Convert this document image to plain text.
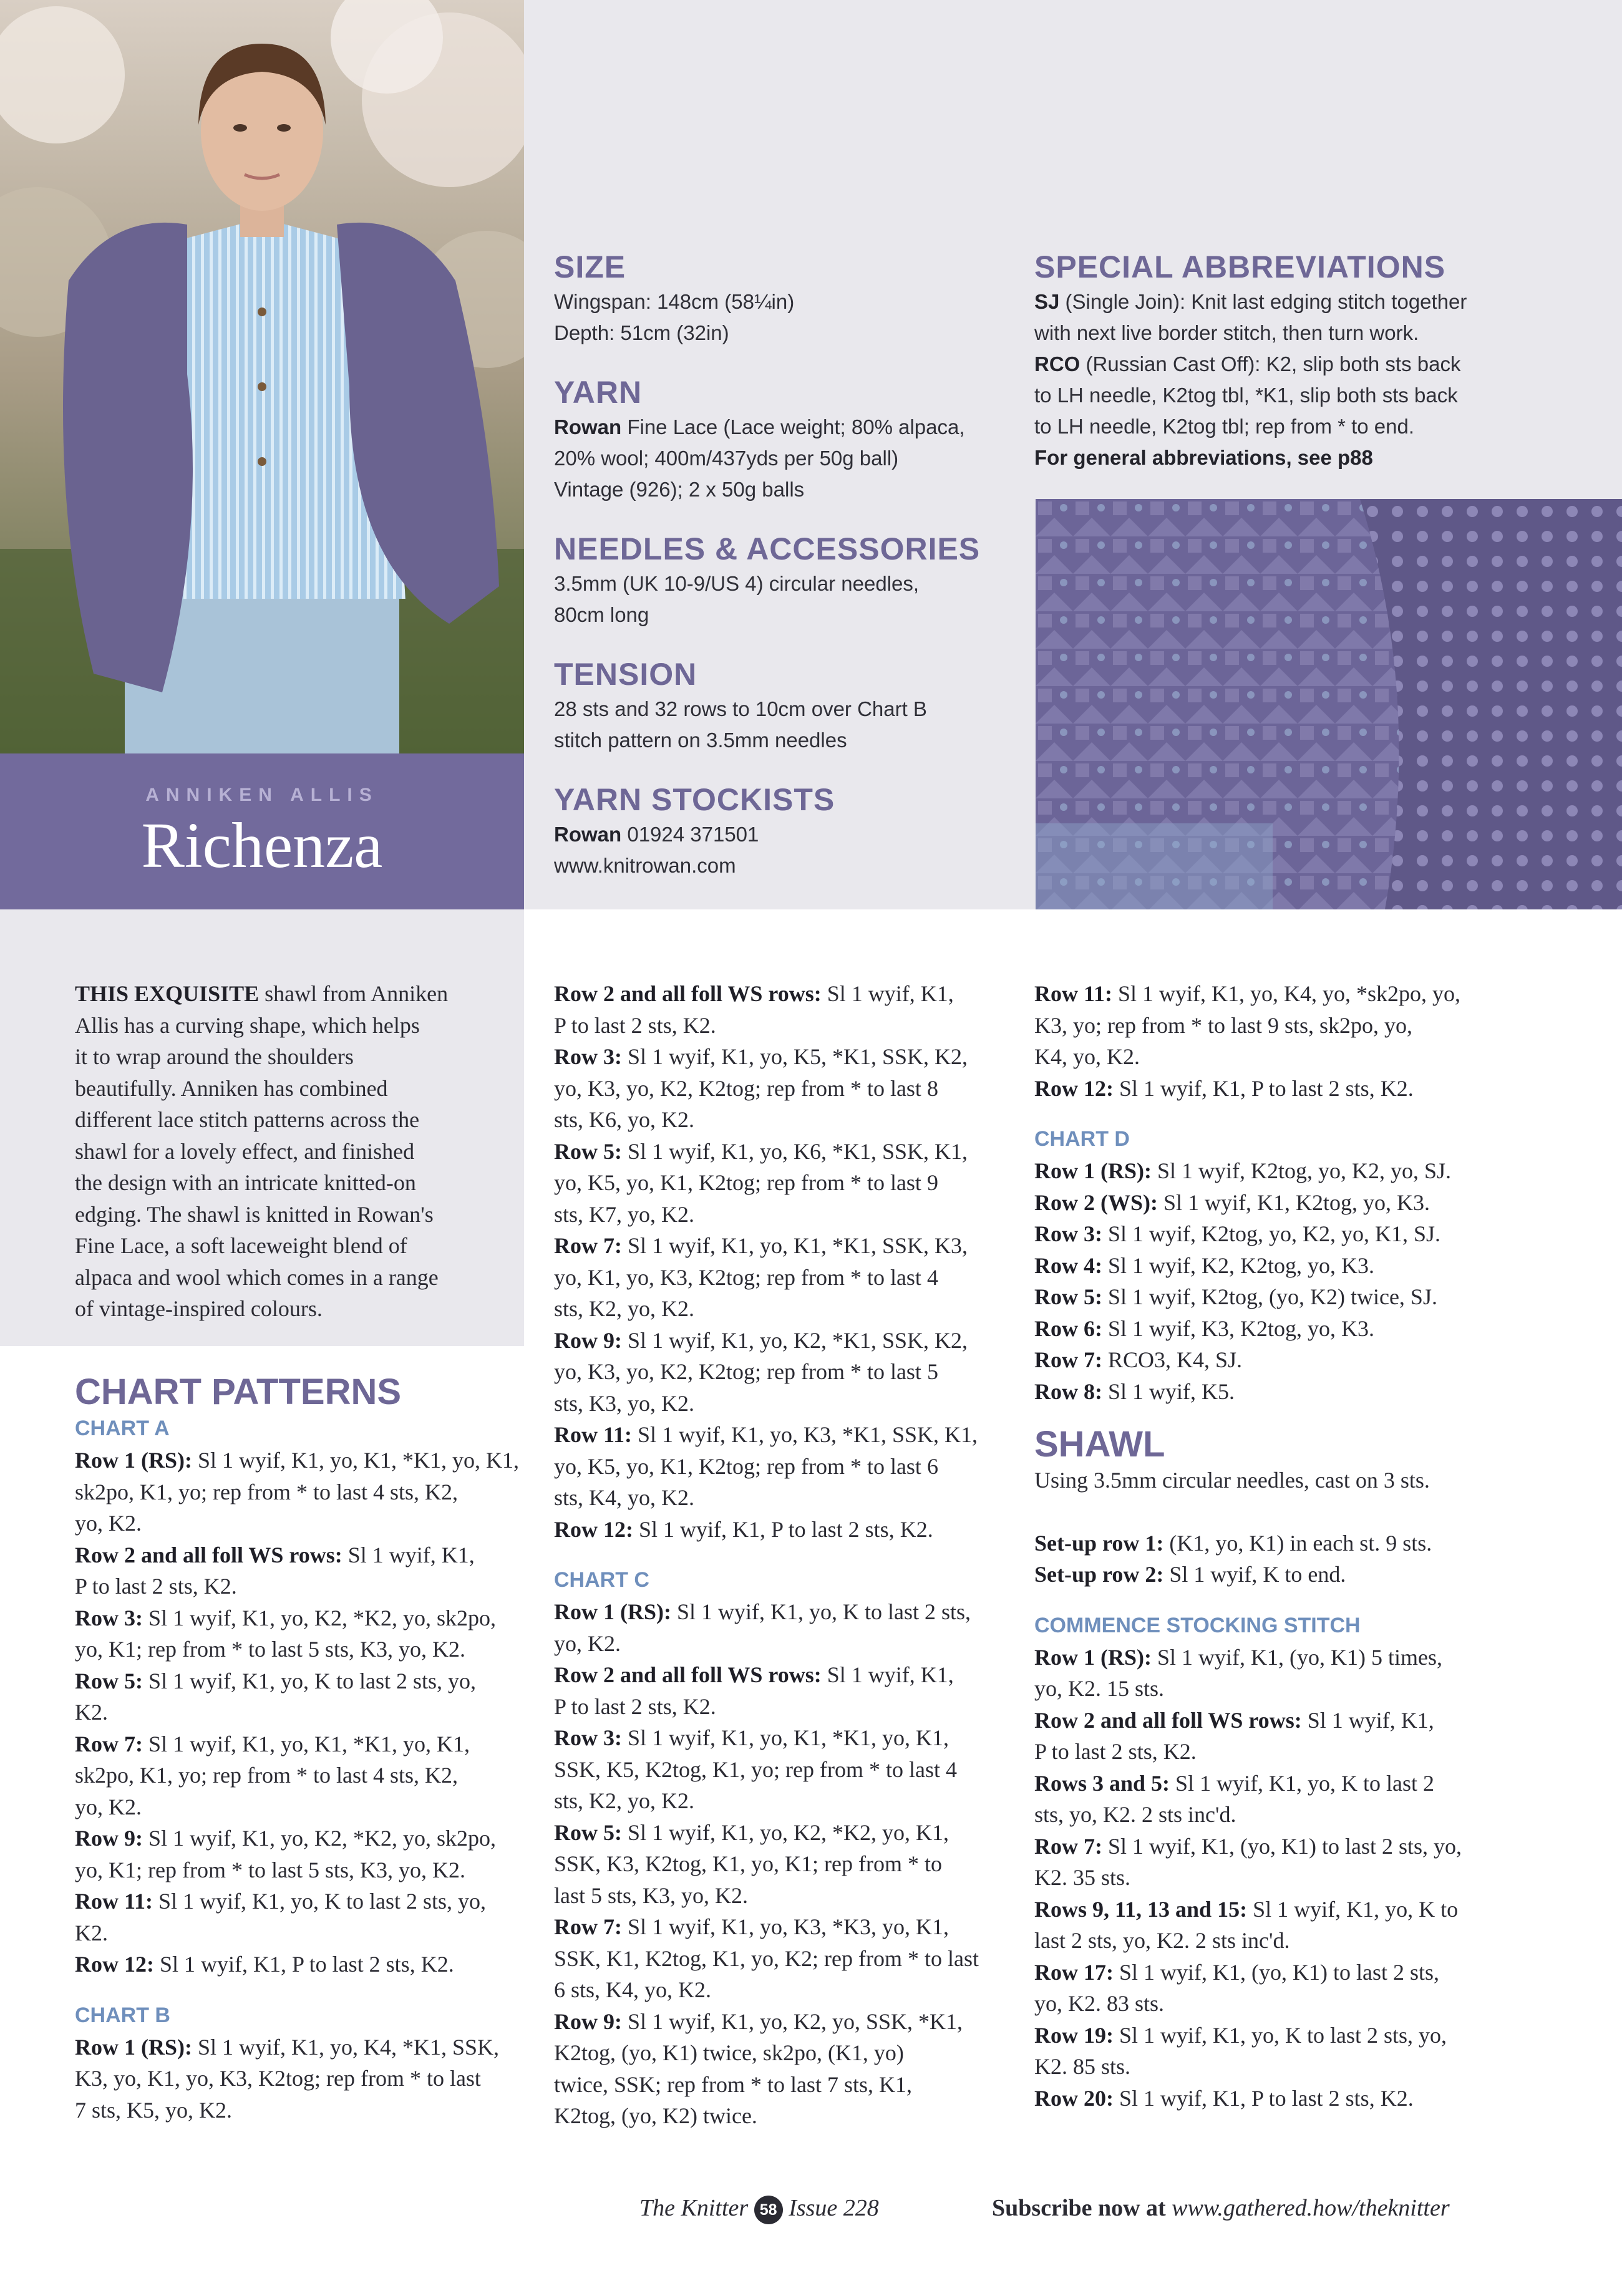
ANNIKEN ALLIS
Richenza
SIZE

Wingspan: 148cm (58¼in)

Depth: 51cm (32in)

YARN

Rowan Fine Lace (Lace weight; 80% alpaca,

20% wool; 400m/437yds per 50g ball)

Vintage (926); 2 x 50g balls

NEEDLES & ACCESSORIES

3.5mm (UK 10-9/US 4) circular needles,

80cm long

TENSION

28 sts and 32 rows to 10cm over Chart B

stitch pattern on 3.5mm needles

YARN STOCKISTS

Rowan 01924 371501

www.knitrowan.com

SPECIAL ABBREVIATIONS

SJ (Single Join): Knit last edging stitch together

with next live border stitch, then turn work.

RCO (Russian Cast Off): K2, slip both sts back

to LH needle, K2tog tbl, *K1, slip both sts back

to LH needle, K2tog tbl; rep from * to end.

For general abbreviations, see p88

THIS EXQUISITE shawl from Anniken

Allis has a curving shape, which helps

it to wrap around the shoulders

beautifully. Anniken has combined

different lace stitch patterns across the

shawl for a lovely effect, and finished

the design with an intricate knitted-on

edging. The shawl is knitted in Rowan's

Fine Lace, a soft laceweight blend of

alpaca and wool which comes in a range

of vintage-inspired colours.

CHART PATTERNS
CHART A

Row 1 (RS): Sl 1 wyif, K1, yo, K1, *K1, yo, K1,

sk2po, K1, yo; rep from * to last 4 sts, K2,

yo, K2.

Row 2 and all foll WS rows: Sl 1 wyif, K1,

P to last 2 sts, K2.

Row 3: Sl 1 wyif, K1, yo, K2, *K2, yo, sk2po,

yo, K1; rep from * to last 5 sts, K3, yo, K2.

Row 5: Sl 1 wyif, K1, yo, K to last 2 sts, yo,

K2.

Row 7: Sl 1 wyif, K1, yo, K1, *K1, yo, K1,

sk2po, K1, yo; rep from * to last 4 sts, K2,

yo, K2.

Row 9: Sl 1 wyif, K1, yo, K2, *K2, yo, sk2po,

yo, K1; rep from * to last 5 sts, K3, yo, K2.

Row 11: Sl 1 wyif, K1, yo, K to last 2 sts, yo,

K2.

Row 12: Sl 1 wyif, K1, P to last 2 sts, K2.

CHART B

Row 1 (RS): Sl 1 wyif, K1, yo, K4, *K1, SSK,

K3, yo, K1, yo, K3, K2tog; rep from * to last

7 sts, K5, yo, K2.

Row 2 and all foll WS rows: Sl 1 wyif, K1,

P to last 2 sts, K2.

Row 3: Sl 1 wyif, K1, yo, K5, *K1, SSK, K2,

yo, K3, yo, K2, K2tog; rep from * to last 8

sts, K6, yo, K2.

Row 5: Sl 1 wyif, K1, yo, K6, *K1, SSK, K1,

yo, K5, yo, K1, K2tog; rep from * to last 9

sts, K7, yo, K2.

Row 7: Sl 1 wyif, K1, yo, K1, *K1, SSK, K3,

yo, K1, yo, K3, K2tog; rep from * to last 4

sts, K2, yo, K2.

Row 9: Sl 1 wyif, K1, yo, K2, *K1, SSK, K2,

yo, K3, yo, K2, K2tog; rep from * to last 5

sts, K3, yo, K2.

Row 11: Sl 1 wyif, K1, yo, K3, *K1, SSK, K1,

yo, K5, yo, K1, K2tog; rep from * to last 6

sts, K4, yo, K2.

Row 12: Sl 1 wyif, K1, P to last 2 sts, K2.

CHART C

Row 1 (RS): Sl 1 wyif, K1, yo, K to last 2 sts,

yo, K2.

Row 2 and all foll WS rows: Sl 1 wyif, K1,

P to last 2 sts, K2.

Row 3: Sl 1 wyif, K1, yo, K1, *K1, yo, K1,

SSK, K5, K2tog, K1, yo; rep from * to last 4

sts, K2, yo, K2.

Row 5: Sl 1 wyif, K1, yo, K2, *K2, yo, K1,

SSK, K3, K2tog, K1, yo, K1; rep from * to

last 5 sts, K3, yo, K2.

Row 7: Sl 1 wyif, K1, yo, K3, *K3, yo, K1,

SSK, K1, K2tog, K1, yo, K2; rep from * to last

6 sts, K4, yo, K2.

Row 9: Sl 1 wyif, K1, yo, K2, yo, SSK, *K1,

K2tog, (yo, K1) twice, sk2po, (K1, yo)

twice, SSK; rep from * to last 7 sts, K1,

K2tog, (yo, K2) twice.

Row 11: Sl 1 wyif, K1, yo, K4, yo, *sk2po, yo,

K3, yo; rep from * to last 9 sts, sk2po, yo,

K4, yo, K2.

Row 12: Sl 1 wyif, K1, P to last 2 sts, K2.

CHART D

Row 1 (RS): Sl 1 wyif, K2tog, yo, K2, yo, SJ.

Row 2 (WS): Sl 1 wyif, K1, K2tog, yo, K3.

Row 3: Sl 1 wyif, K2tog, yo, K2, yo, K1, SJ.

Row 4: Sl 1 wyif, K2, K2tog, yo, K3.

Row 5: Sl 1 wyif, K2tog, (yo, K2) twice, SJ.

Row 6: Sl 1 wyif, K3, K2tog, yo, K3.

Row 7: RCO3, K4, SJ.

Row 8: Sl 1 wyif, K5.

SHAWL

Using 3.5mm circular needles, cast on 3 sts.

Set-up row 1: (K1, yo, K1) in each st. 9 sts.

Set-up row 2: Sl 1 wyif, K to end.

COMMENCE STOCKING STITCH

Row 1 (RS): Sl 1 wyif, K1, (yo, K1) 5 times,

yo, K2. 15 sts.

Row 2 and all foll WS rows: Sl 1 wyif, K1,

P to last 2 sts, K2.

Rows 3 and 5: Sl 1 wyif, K1, yo, K to last 2

sts, yo, K2. 2 sts inc'd.

Row 7: Sl 1 wyif, K1, (yo, K1) to last 2 sts, yo,

K2. 35 sts.

Rows 9, 11, 13 and 15: Sl 1 wyif, K1, yo, K to

last 2 sts, yo, K2. 2 sts inc'd.

Row 17: Sl 1 wyif, K1, (yo, K1) to last 2 sts,

yo, K2. 83 sts.

Row 19: Sl 1 wyif, K1, yo, K to last 2 sts, yo,

K2. 85 sts.

Row 20: Sl 1 wyif, K1, P to last 2 sts, K2.

The Knitter 58 Issue 228	Subscribe now at www.gathered.how/theknitter
